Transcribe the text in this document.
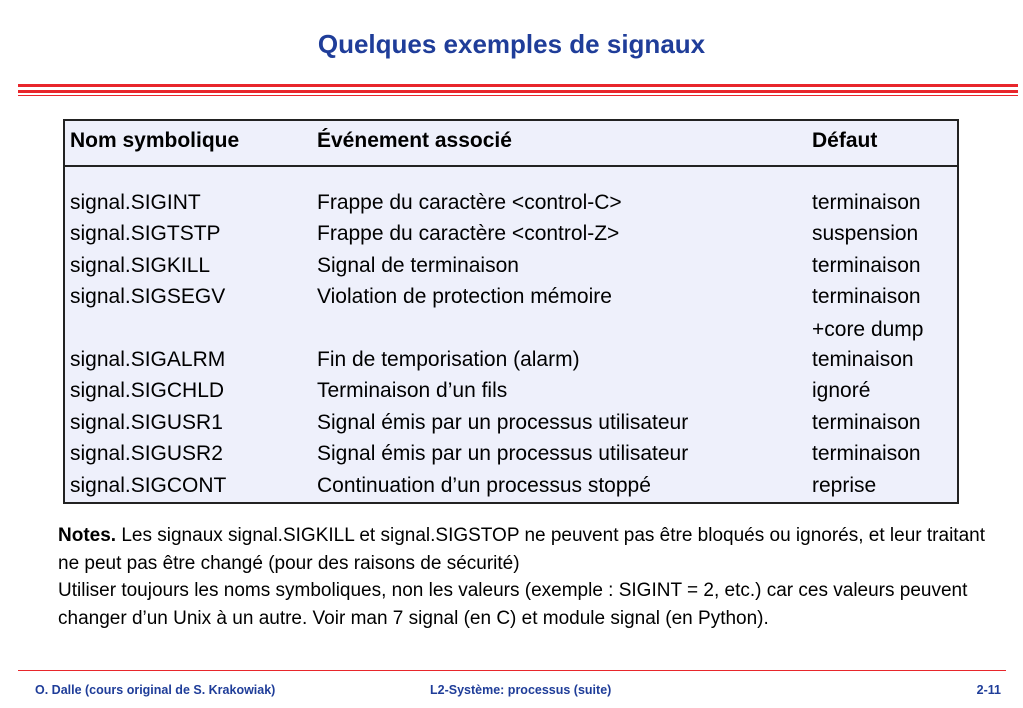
Quelques exemples de signaux
Nom symbolique	Événement associé	Défaut
signal.SIGINT	Frappe du caractère <control-C>	terminaison
signal.SIGTSTP	Frappe du caractère <control-Z>	suspension
signal.SIGKILL	Signal de terminaison	terminaison
signal.SIGSEGV	Violation de protection mémoire	terminaison
+core dump
signal.SIGALRM	Fin de temporisation (alarm)	teminaison
signal.SIGCHLD	Terminaison d’un fils	ignoré
signal.SIGUSR1	Signal émis par un processus utilisateur	terminaison
signal.SIGUSR2	Signal émis par un processus utilisateur	terminaison
signal.SIGCONT	Continuation d’un processus stoppé	reprise
Notes. Les signaux signal.SIGKILL et signal.SIGSTOP ne peuvent pas être bloqués ou ignorés, et leur traitant ne peut pas être changé (pour des raisons de sécurité)
Utiliser toujours les noms symboliques, non les valeurs (exemple : SIGINT = 2, etc.) car ces valeurs peuvent changer d’un Unix à un autre. Voir man 7 signal (en C) et module signal (en Python).
O. Dalle (cours original de S. Krakowiak)	L2-Système: processus (suite)	2-11
